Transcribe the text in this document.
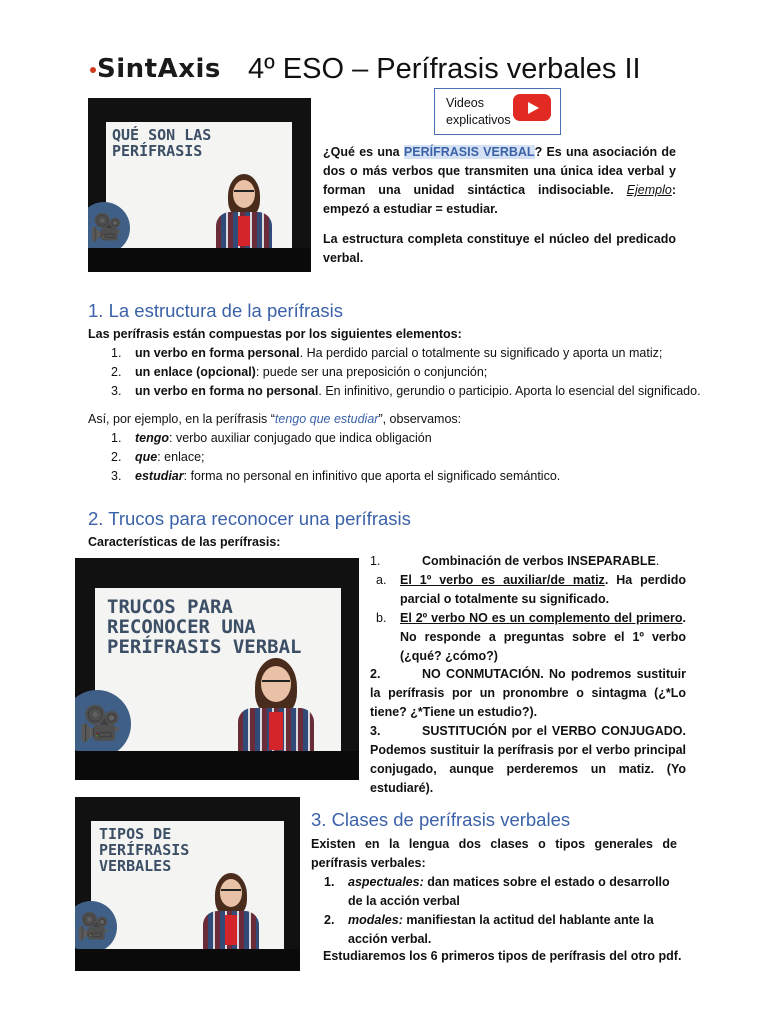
SintAxis 4º ESO – Perífrasis verbales II
Videos
explicativos
QUÉ SON LAS PERÍFRASIS
🎥
¿Qué es una PERÍFRASIS VERBAL? Es una asociación de dos o más verbos que transmiten una única idea verbal y forman una unidad sintáctica indisociable. Ejemplo: empezó a estudiar = estudiar.
La estructura completa constituye el núcleo del predicado verbal.
1. La estructura de la perífrasis
Las perífrasis están compuestas por los siguientes elementos:
1. un verbo en forma personal. Ha perdido parcial o totalmente su significado y aporta un matiz;
2. un enlace (opcional): puede ser una preposición o conjunción;
3. un verbo en forma no personal. En infinitivo, gerundio o participio. Aporta lo esencial del significado.
Así, por ejemplo, en la perífrasis “tengo que estudiar”, observamos:
1. tengo: verbo auxiliar conjugado que indica obligación
2. que: enlace;
3. estudiar: forma no personal en infinitivo que aporta el significado semántico.
2. Trucos para reconocer una perífrasis
Características de las perífrasis:
TRUCOS PARA RECONOCER UNA PERÍFRASIS VERBAL
🎥
1.	Combinación de verbos INSEPARABLE.
a.	El 1º verbo es auxiliar/de matiz. Ha perdido parcial o totalmente su significado.
b.	El 2º verbo NO es un complemento del primero. No responde a preguntas sobre el 1º verbo (¿qué? ¿cómo?)
2.	NO CONMUTACIÓN. No podremos sustituir la perífrasis por un pronombre o sintagma (¿*Lo tiene? ¿*Tiene un estudio?).
3.	SUSTITUCIÓN por el VERBO CONJUGADO. Podemos sustituir la perífrasis por el verbo principal conjugado, aunque perderemos un matiz. (Yo estudiaré).
TIPOS DE PERÍFRASIS VERBALES
🎥
3. Clases de perífrasis verbales
Existen en la lengua dos clases o tipos generales de perífrasis verbales:
1. aspectuales: dan matices sobre el estado o desarrollo de la acción verbal
2. modales: manifiestan la actitud del hablante ante la acción verbal.
Estudiaremos los 6 primeros tipos de perífrasis del otro pdf.
